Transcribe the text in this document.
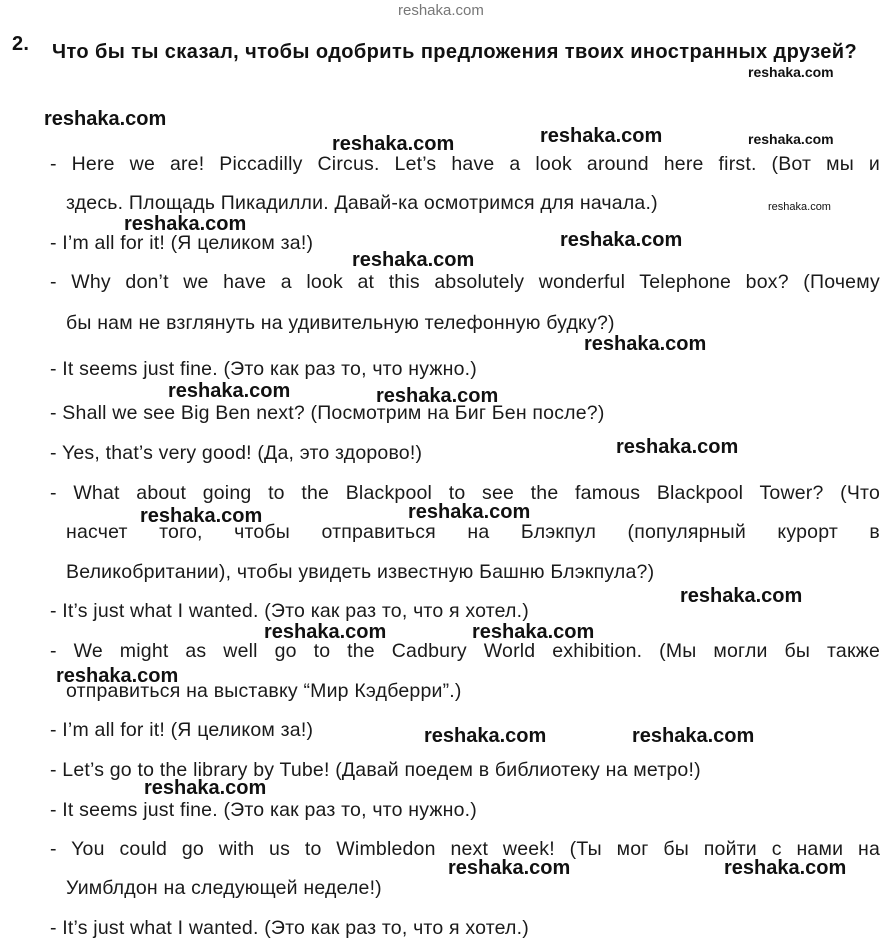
reshaka.com
2. Что бы ты сказал, чтобы одобрить предложения твоих иностранных друзей?
- Here we are! Piccadilly Circus. Let’s have a look around here first. (Вот мы и
здесь. Площадь Пикадилли. Давай-ка осмотримся для начала.)
- I’m all for it! (Я целиком за!)
- Why don’t we have a look at this absolutely wonderful Telephone box? (Почему
бы нам не взглянуть на удивительную телефонную будку?)
- It seems just fine. (Это как раз то, что нужно.)
- Shall we see Big Ben next? (Посмотрим на Биг Бен после?)
- Yes, that’s very good! (Да, это здорово!)
- What about going to the Blackpool to see the famous Blackpool Tower? (Что
насчет того, чтобы отправиться на Блэкпул (популярный курорт в
Великобритании), чтобы увидеть известную Башню Блэкпула?)
- It’s just what I wanted. (Это как раз то, что я хотел.)
- We might as well go to the Cadbury World exhibition. (Мы могли бы также
отправиться на выставку “Мир Кэдберри”.)
- I’m all for it! (Я целиком за!)
- Let’s go to the library by Tube! (Давай поедем в библиотеку на метро!)
- It seems just fine. (Это как раз то, что нужно.)
- You could go with us to Wimbledon next week! (Ты мог бы пойти с нами на
Уимблдон на следующей неделе!)
- It’s just what I wanted. (Это как раз то, что я хотел.)
reshaka.com
reshaka.com
reshaka.com	reshaka.com	reshaka.com
reshaka.com
reshaka.com
reshaka.com
reshaka.com
reshaka.com
reshaka.com	reshaka.com
reshaka.com
reshaka.com	reshaka.com
reshaka.com
reshaka.com	reshaka.com
reshaka.com
reshaka.com	reshaka.com
reshaka.com
reshaka.com	reshaka.com
